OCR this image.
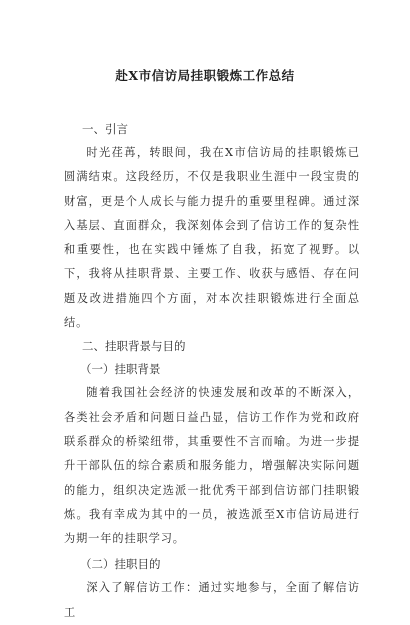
赴X市信访局挂职锻炼工作总结

一、引言

时光荏苒，转眼间，我在X市信访局的挂职锻炼已圆满结束。这段经历，不仅是我职业生涯中一段宝贵的财富，更是个人成长与能力提升的重要里程碑。通过深入基层、直面群众，我深刻体会到了信访工作的复杂性和重要性，也在实践中锤炼了自我，拓宽了视野。以下，我将从挂职背景、主要工作、收获与感悟、存在问题及改进措施四个方面，对本次挂职锻炼进行全面总结。

二、挂职背景与目的

（一）挂职背景

随着我国社会经济的快速发展和改革的不断深入，各类社会矛盾和问题日益凸显，信访工作作为党和政府联系群众的桥梁纽带，其重要性不言而喻。为进一步提升干部队伍的综合素质和服务能力，增强解决实际问题的能力，组织决定选派一批优秀干部到信访部门挂职锻炼。我有幸成为其中的一员，被选派至X市信访局进行为期一年的挂职学习。

（二）挂职目的

深入了解信访工作：通过实地参与，全面了解信访工
